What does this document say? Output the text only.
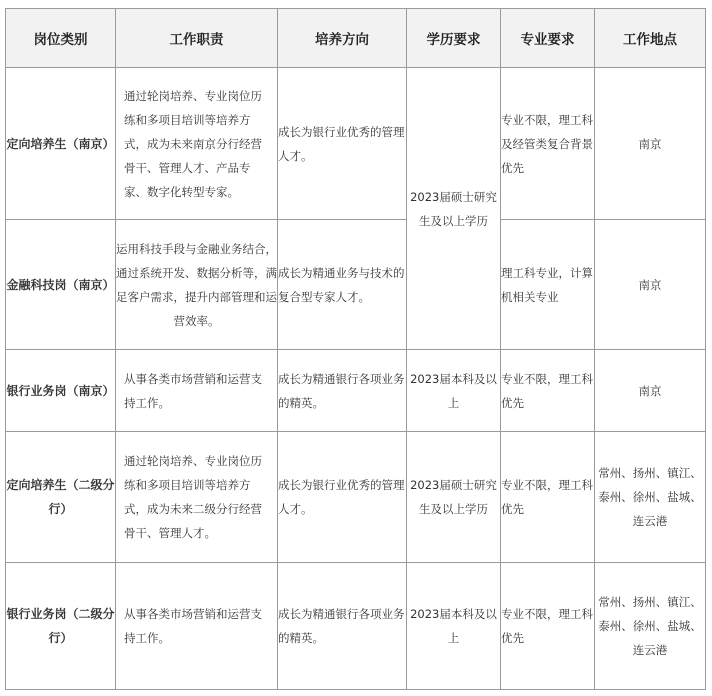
岗位类别	工作职责	培养方向	学历要求	专业要求	工作地点
定向培养生（南京）	通过轮岗培养、专业岗位历练和多项目培训等培养方式，成为未来南京分行经营骨干、管理人才、产品专家、数字化转型专家。	成长为银行业优秀的管理人才。	2023届硕士研究生及以上学历	专业不限，理工科及经管类复合背景优先	南京
金融科技岗（南京）	运用科技手段与金融业务结合，通过系统开发、数据分析等，满足客户需求，提升内部管理和运营效率。	成长为精通业务与技术的复合型专家人才。		理工科专业，计算机相关专业	南京
银行业务岗（南京）	从事各类市场营销和运营支持工作。	成长为精通银行各项业务的精英。	2023届本科及以上	专业不限，理工科优先	南京
定向培养生（二级分行）	通过轮岗培养、专业岗位历练和多项目培训等培养方式，成为未来二级分行经营骨干、管理人才。	成长为银行业优秀的管理人才。	2023届硕士研究生及以上学历	专业不限，理工科优先	常州、扬州、镇江、泰州、徐州、盐城、连云港
银行业务岗（二级分行）	从事各类市场营销和运营支持工作。	成长为精通银行各项业务的精英。	2023届本科及以上	专业不限，理工科优先	常州、扬州、镇江、泰州、徐州、盐城、连云港
